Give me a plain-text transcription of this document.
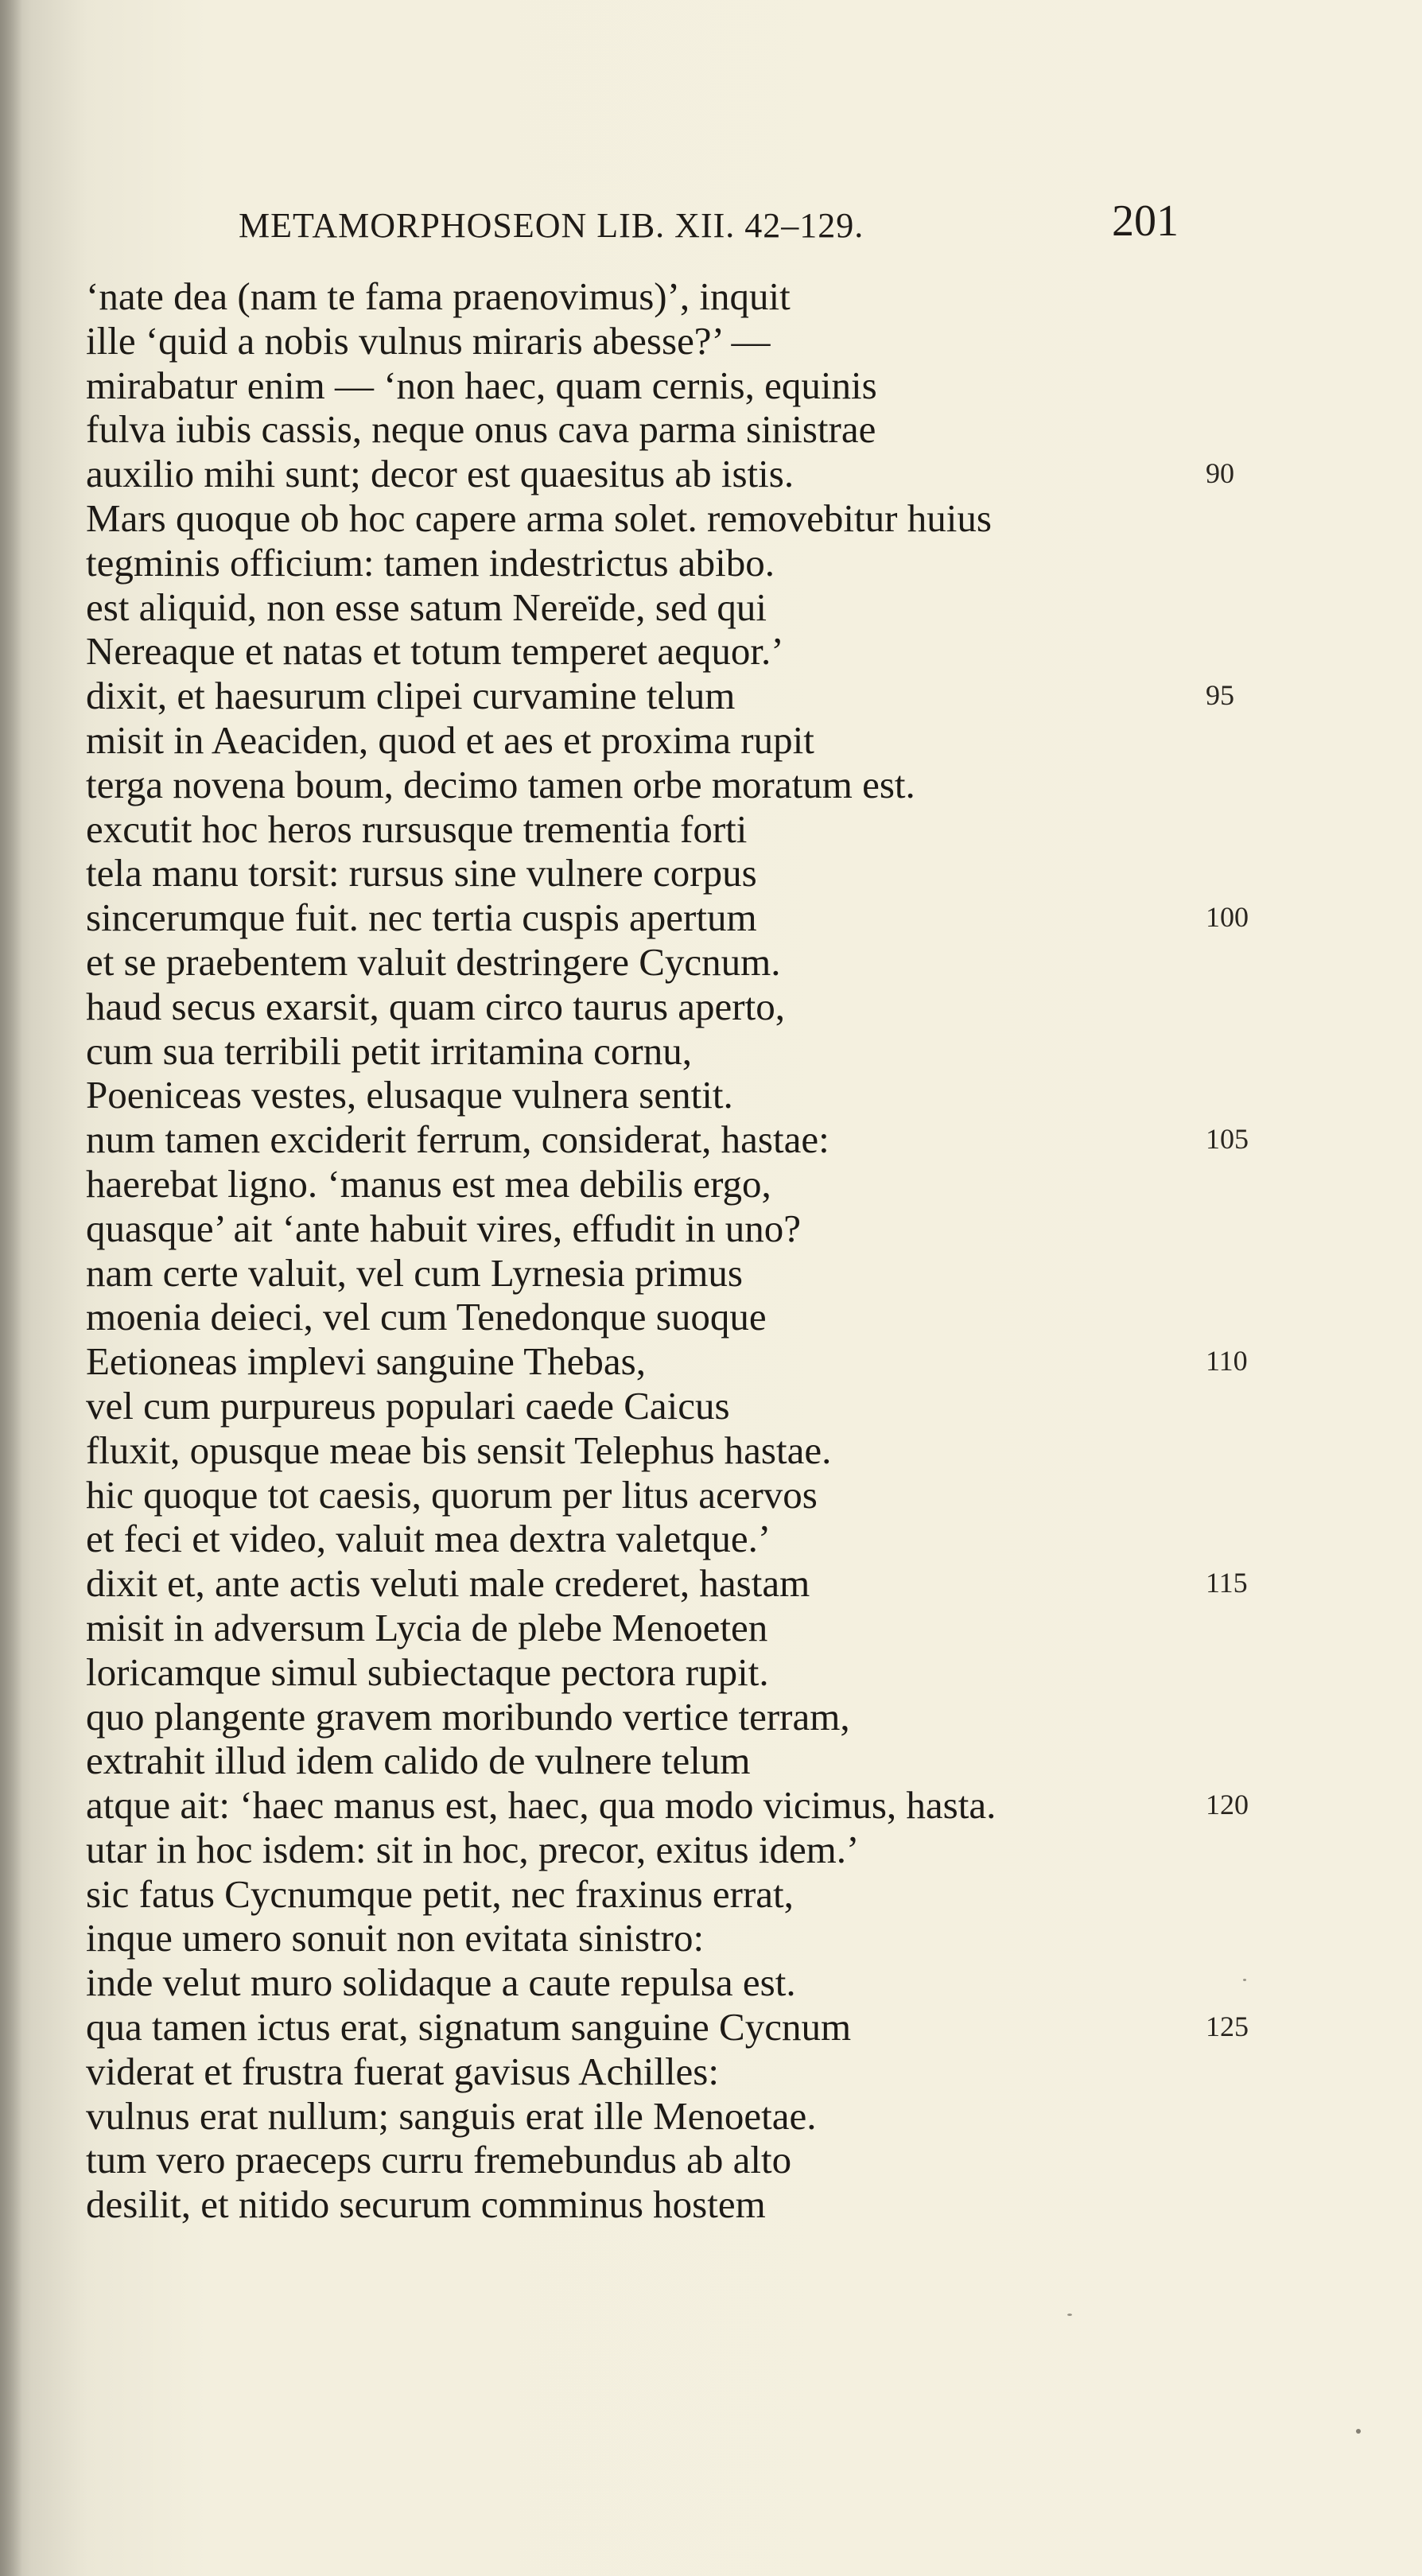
METAMORPHOSEON LIB. XII. 42–129.	201
‘nate dea (nam te fama praenovimus)’, inquit
ille ‘quid a nobis vulnus miraris abesse?’ —
mirabatur enim — ‘non haec, quam cernis, equinis
fulva iubis cassis, neque onus cava parma sinistrae
auxilio mihi sunt; decor est quaesitus ab istis.	90
Mars quoque ob hoc capere arma solet. removebitur huius
tegminis officium: tamen indestrictus abibo.
est aliquid, non esse satum Nereïde, sed qui
Nereaque et natas et totum temperet aequor.’
dixit, et haesurum clipei curvamine telum	95
misit in Aeaciden, quod et aes et proxima rupit
terga novena boum, decimo tamen orbe moratum est.
excutit hoc heros rursusque trementia forti
tela manu torsit: rursus sine vulnere corpus
sincerumque fuit. nec tertia cuspis apertum	100
et se praebentem valuit destringere Cycnum.
haud secus exarsit, quam circo taurus aperto,
cum sua terribili petit irritamina cornu,
Poeniceas vestes, elusaque vulnera sentit.
num tamen exciderit ferrum, considerat, hastae:	105
haerebat ligno. ‘manus est mea debilis ergo,
quasque’ ait ‘ante habuit vires, effudit in uno?
nam certe valuit, vel cum Lyrnesia primus
moenia deieci, vel cum Tenedonque suoque
Eetioneas implevi sanguine Thebas,	110
vel cum purpureus populari caede Caicus
fluxit, opusque meae bis sensit Telephus hastae.
hic quoque tot caesis, quorum per litus acervos
et feci et video, valuit mea dextra valetque.’
dixit et, ante actis veluti male crederet, hastam	115
misit in adversum Lycia de plebe Menoeten
loricamque simul subiectaque pectora rupit.
quo plangente gravem moribundo vertice terram,
extrahit illud idem calido de vulnere telum
atque ait: ‘haec manus est, haec, qua modo vicimus, hasta.	120
utar in hoc isdem: sit in hoc, precor, exitus idem.’
sic fatus Cycnumque petit, nec fraxinus errat,
inque umero sonuit non evitata sinistro:
inde velut muro solidaque a caute repulsa est.
qua tamen ictus erat, signatum sanguine Cycnum	125
viderat et frustra fuerat gavisus Achilles:
vulnus erat nullum; sanguis erat ille Menoetae.
tum vero praeceps curru fremebundus ab alto
desilit, et nitido securum comminus hostem
